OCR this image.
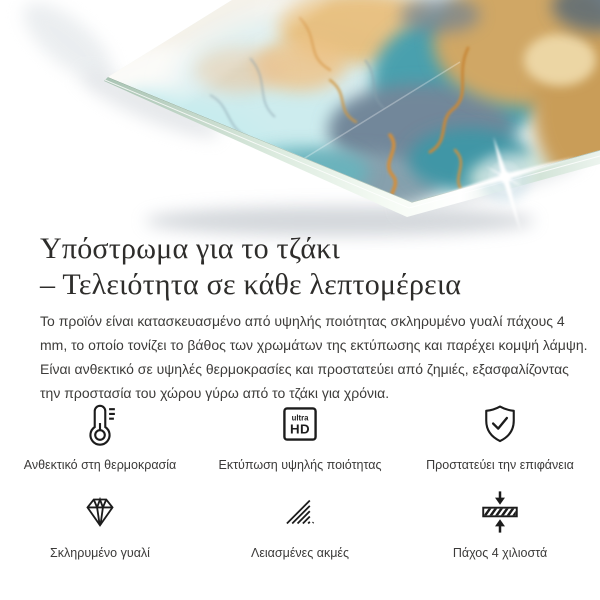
Υπόστρωμα για το τζάκι
– Τελειότητα σε κάθε λεπτομέρεια

Το προϊόν είναι κατασκευασμένο από υψηλής ποιότητας σκληρυμένο γυαλί πάχους 4 mm, το οποίο τονίζει το βάθος των χρωμάτων της εκτύπωσης και παρέχει κομψή λάμψη. Είναι ανθεκτικό σε υψηλές θερμοκρασίες και προστατεύει από ζημιές, εξασφαλίζοντας την προστασία του χώρου γύρω από το τζάκι για χρόνια.

Ανθεκτικό στη θερμοκρασία
ultra
HD
Εκτύπωση υψηλής ποιότητας	Προστατεύει την επιφάνεια
Σκληρυμένο γυαλί	Λειασμένες ακμές	Πάχος 4 χιλιοστά
